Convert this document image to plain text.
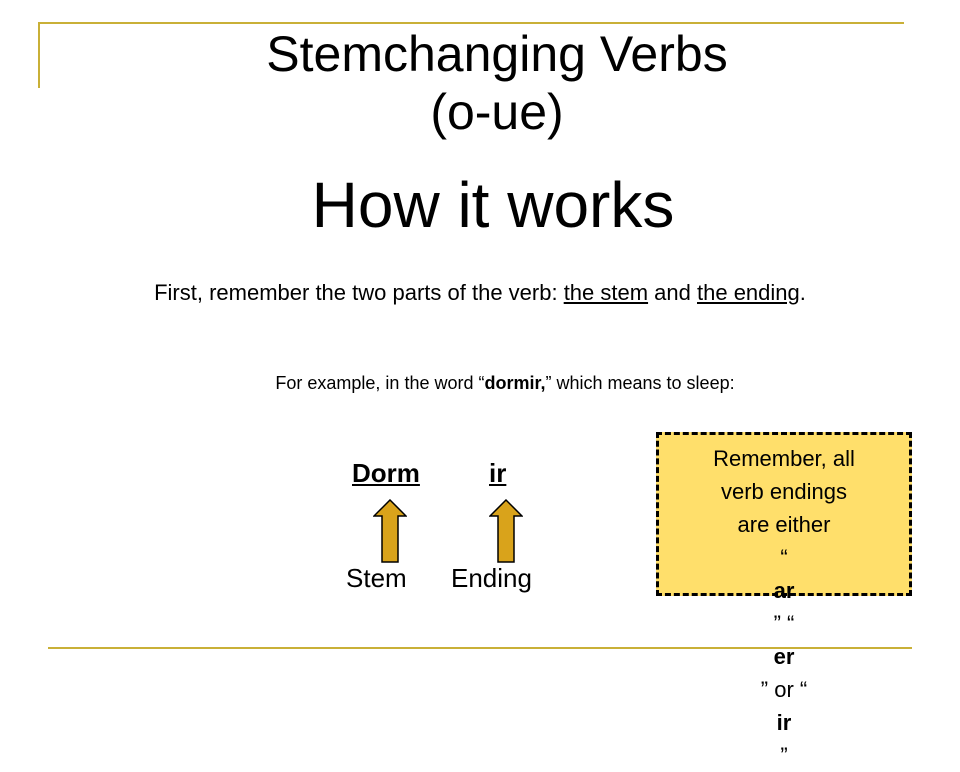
Stemchanging Verbs
(o-ue)
How it works
First, remember the two parts of the verb: the stem and the ending.
For example, in the word “dormir,” which means to sleep:
Dorm	ir
Stem Ending
Remember, all
verb endings
are either
“
ar
” “
er
” or “
ir
”
